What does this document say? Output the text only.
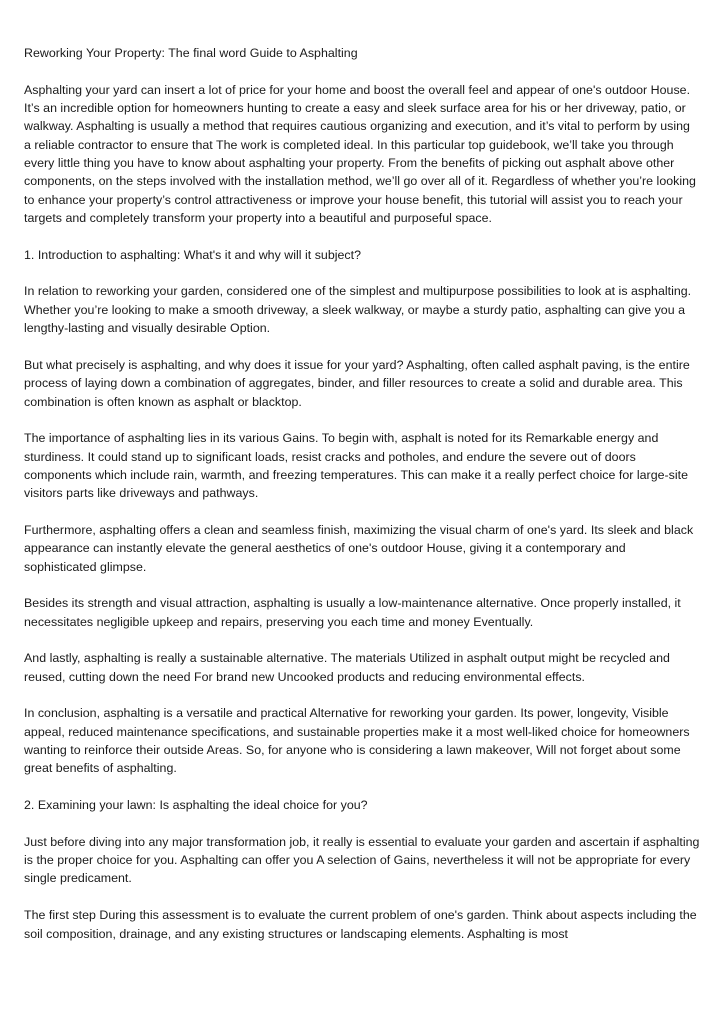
Reworking Your Property: The final word Guide to Asphalting

Asphalting your yard can insert a lot of price for your home and boost the overall feel and appear of one's outdoor House. It’s an incredible option for homeowners hunting to create a easy and sleek surface area for his or her driveway, patio, or walkway. Asphalting is usually a method that requires cautious organizing and execution, and it’s vital to perform by using a reliable contractor to ensure that The work is completed ideal. In this particular top guidebook, we’ll take you through every little thing you have to know about asphalting your property. From the benefits of picking out asphalt above other components, on the steps involved with the installation method, we’ll go over all of it. Regardless of whether you’re looking to enhance your property’s control attractiveness or improve your house benefit, this tutorial will assist you to reach your targets and completely transform your property into a beautiful and purposeful space.

1. Introduction to asphalting: What's it and why will it subject?

In relation to reworking your garden, considered one of the simplest and multipurpose possibilities to look at is asphalting. Whether you’re looking to make a smooth driveway, a sleek walkway, or maybe a sturdy patio, asphalting can give you a lengthy-lasting and visually desirable Option.

But what precisely is asphalting, and why does it issue for your yard? Asphalting, often called asphalt paving, is the entire process of laying down a combination of aggregates, binder, and filler resources to create a solid and durable area. This combination is often known as asphalt or blacktop.

The importance of asphalting lies in its various Gains. To begin with, asphalt is noted for its Remarkable energy and sturdiness. It could stand up to significant loads, resist cracks and potholes, and endure the severe out of doors components which include rain, warmth, and freezing temperatures. This can make it a really perfect choice for large-site visitors parts like driveways and pathways.

Furthermore, asphalting offers a clean and seamless finish, maximizing the visual charm of one's yard. Its sleek and black appearance can instantly elevate the general aesthetics of one's outdoor House, giving it a contemporary and sophisticated glimpse.

Besides its strength and visual attraction, asphalting is usually a low-maintenance alternative. Once properly installed, it necessitates negligible upkeep and repairs, preserving you each time and money Eventually.

And lastly, asphalting is really a sustainable alternative. The materials Utilized in asphalt output might be recycled and reused, cutting down the need For brand new Uncooked products and reducing environmental effects.

In conclusion, asphalting is a versatile and practical Alternative for reworking your garden. Its power, longevity, Visible appeal, reduced maintenance specifications, and sustainable properties make it a most well-liked choice for homeowners wanting to reinforce their outside Areas. So, for anyone who is considering a lawn makeover, Will not forget about some great benefits of asphalting.

2. Examining your lawn: Is asphalting the ideal choice for you?

Just before diving into any major transformation job, it really is essential to evaluate your garden and ascertain if asphalting is the proper choice for you. Asphalting can offer you A selection of Gains, nevertheless it will not be appropriate for every single predicament.

The first step During this assessment is to evaluate the current problem of one's garden. Think about aspects including the soil composition, drainage, and any existing structures or landscaping elements. Asphalting is most
